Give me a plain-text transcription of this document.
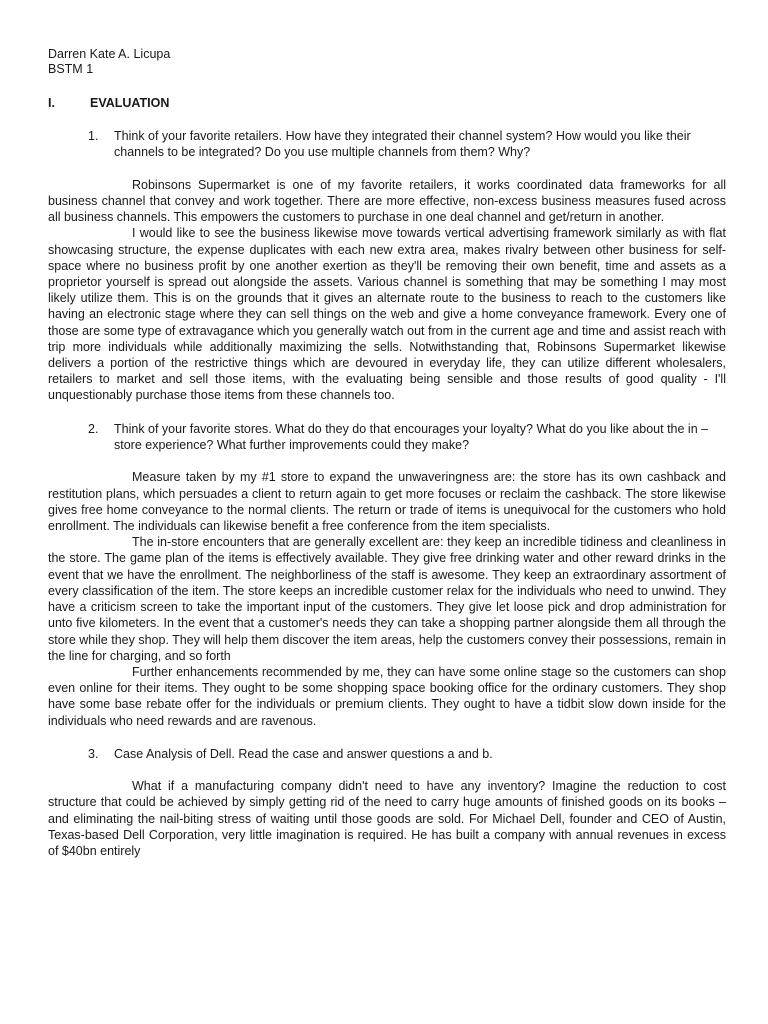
Darren Kate A. Licupa

BSTM 1

I.	EVALUATION
1.	Think of your favorite retailers. How have they integrated their channel system? How would you like their channels to be integrated? Do you use multiple channels from them? Why?

Robinsons Supermarket is one of my favorite retailers, it works coordinated data frameworks for all business channel that convey and work together. There are more effective, non-excess business measures fused across all business channels. This empowers the customers to purchase in one deal channel and get/return in another.

I would like to see the business likewise move towards vertical advertising framework similarly as with flat showcasing structure, the expense duplicates with each new extra area, makes rivalry between other business for self-space where no business profit by one another exertion as they'll be removing their own benefit, time and assets as a proprietor yourself is spread out alongside the assets. Various channel is something that may be something I may most likely utilize them. This is on the grounds that it gives an alternate route to the business to reach to the customers like having an electronic stage where they can sell things on the web and give a home conveyance framework. Every one of those are some type of extravagance which you generally watch out from in the current age and time and assist reach with trip more individuals while additionally maximizing the sells. Notwithstanding that, Robinsons Supermarket likewise delivers a portion of the restrictive things which are devoured in everyday life, they can utilize different wholesalers, retailers to market and sell those items, with the evaluating being sensible and those results of good quality - I'll unquestionably purchase those items from these channels too.

2.	Think of your favorite stores. What do they do that encourages your loyalty? What do you like about the in – store experience? What further improvements could they make?

Measure taken by my #1 store to expand the unwaveringness are: the store has its own cashback and restitution plans, which persuades a client to return again to get more focuses or reclaim the cashback. The store likewise gives free home conveyance to the normal clients. The return or trade of items is unequivocal for the customers who hold enrollment. The individuals can likewise benefit a free conference from the item specialists.

The in-store encounters that are generally excellent are: they keep an incredible tidiness and cleanliness in the store. The game plan of the items is effectively available. They give free drinking water and other reward drinks in the event that we have the enrollment. The neighborliness of the staff is awesome. They keep an extraordinary assortment of every classification of the item. The store keeps an incredible customer relax for the individuals who need to unwind. They have a criticism screen to take the important input of the customers. They give let loose pick and drop administration for unto five kilometers. In the event that a customer's needs they can take a shopping partner alongside them all through the store while they shop. They will help them discover the item areas, help the customers convey their possessions, remain in the line for charging, and so forth

Further enhancements recommended by me, they can have some online stage so the customers can shop even online for their items. They ought to be some shopping space booking office for the ordinary customers. They shop have some base rebate offer for the individuals or premium clients. They ought to have a tidbit slow down inside for the individuals who need rewards and are ravenous.

3.	Case Analysis of Dell. Read the case and answer questions a and b.

What if a manufacturing company didn't need to have any inventory? Imagine the reduction to cost structure that could be achieved by simply getting rid of the need to carry huge amounts of finished goods on its books – and eliminating the nail-biting stress of waiting until those goods are sold. For Michael Dell, founder and CEO of Austin, Texas-based Dell Corporation, very little imagination is required. He has built a company with annual revenues in excess of $40bn entirely
